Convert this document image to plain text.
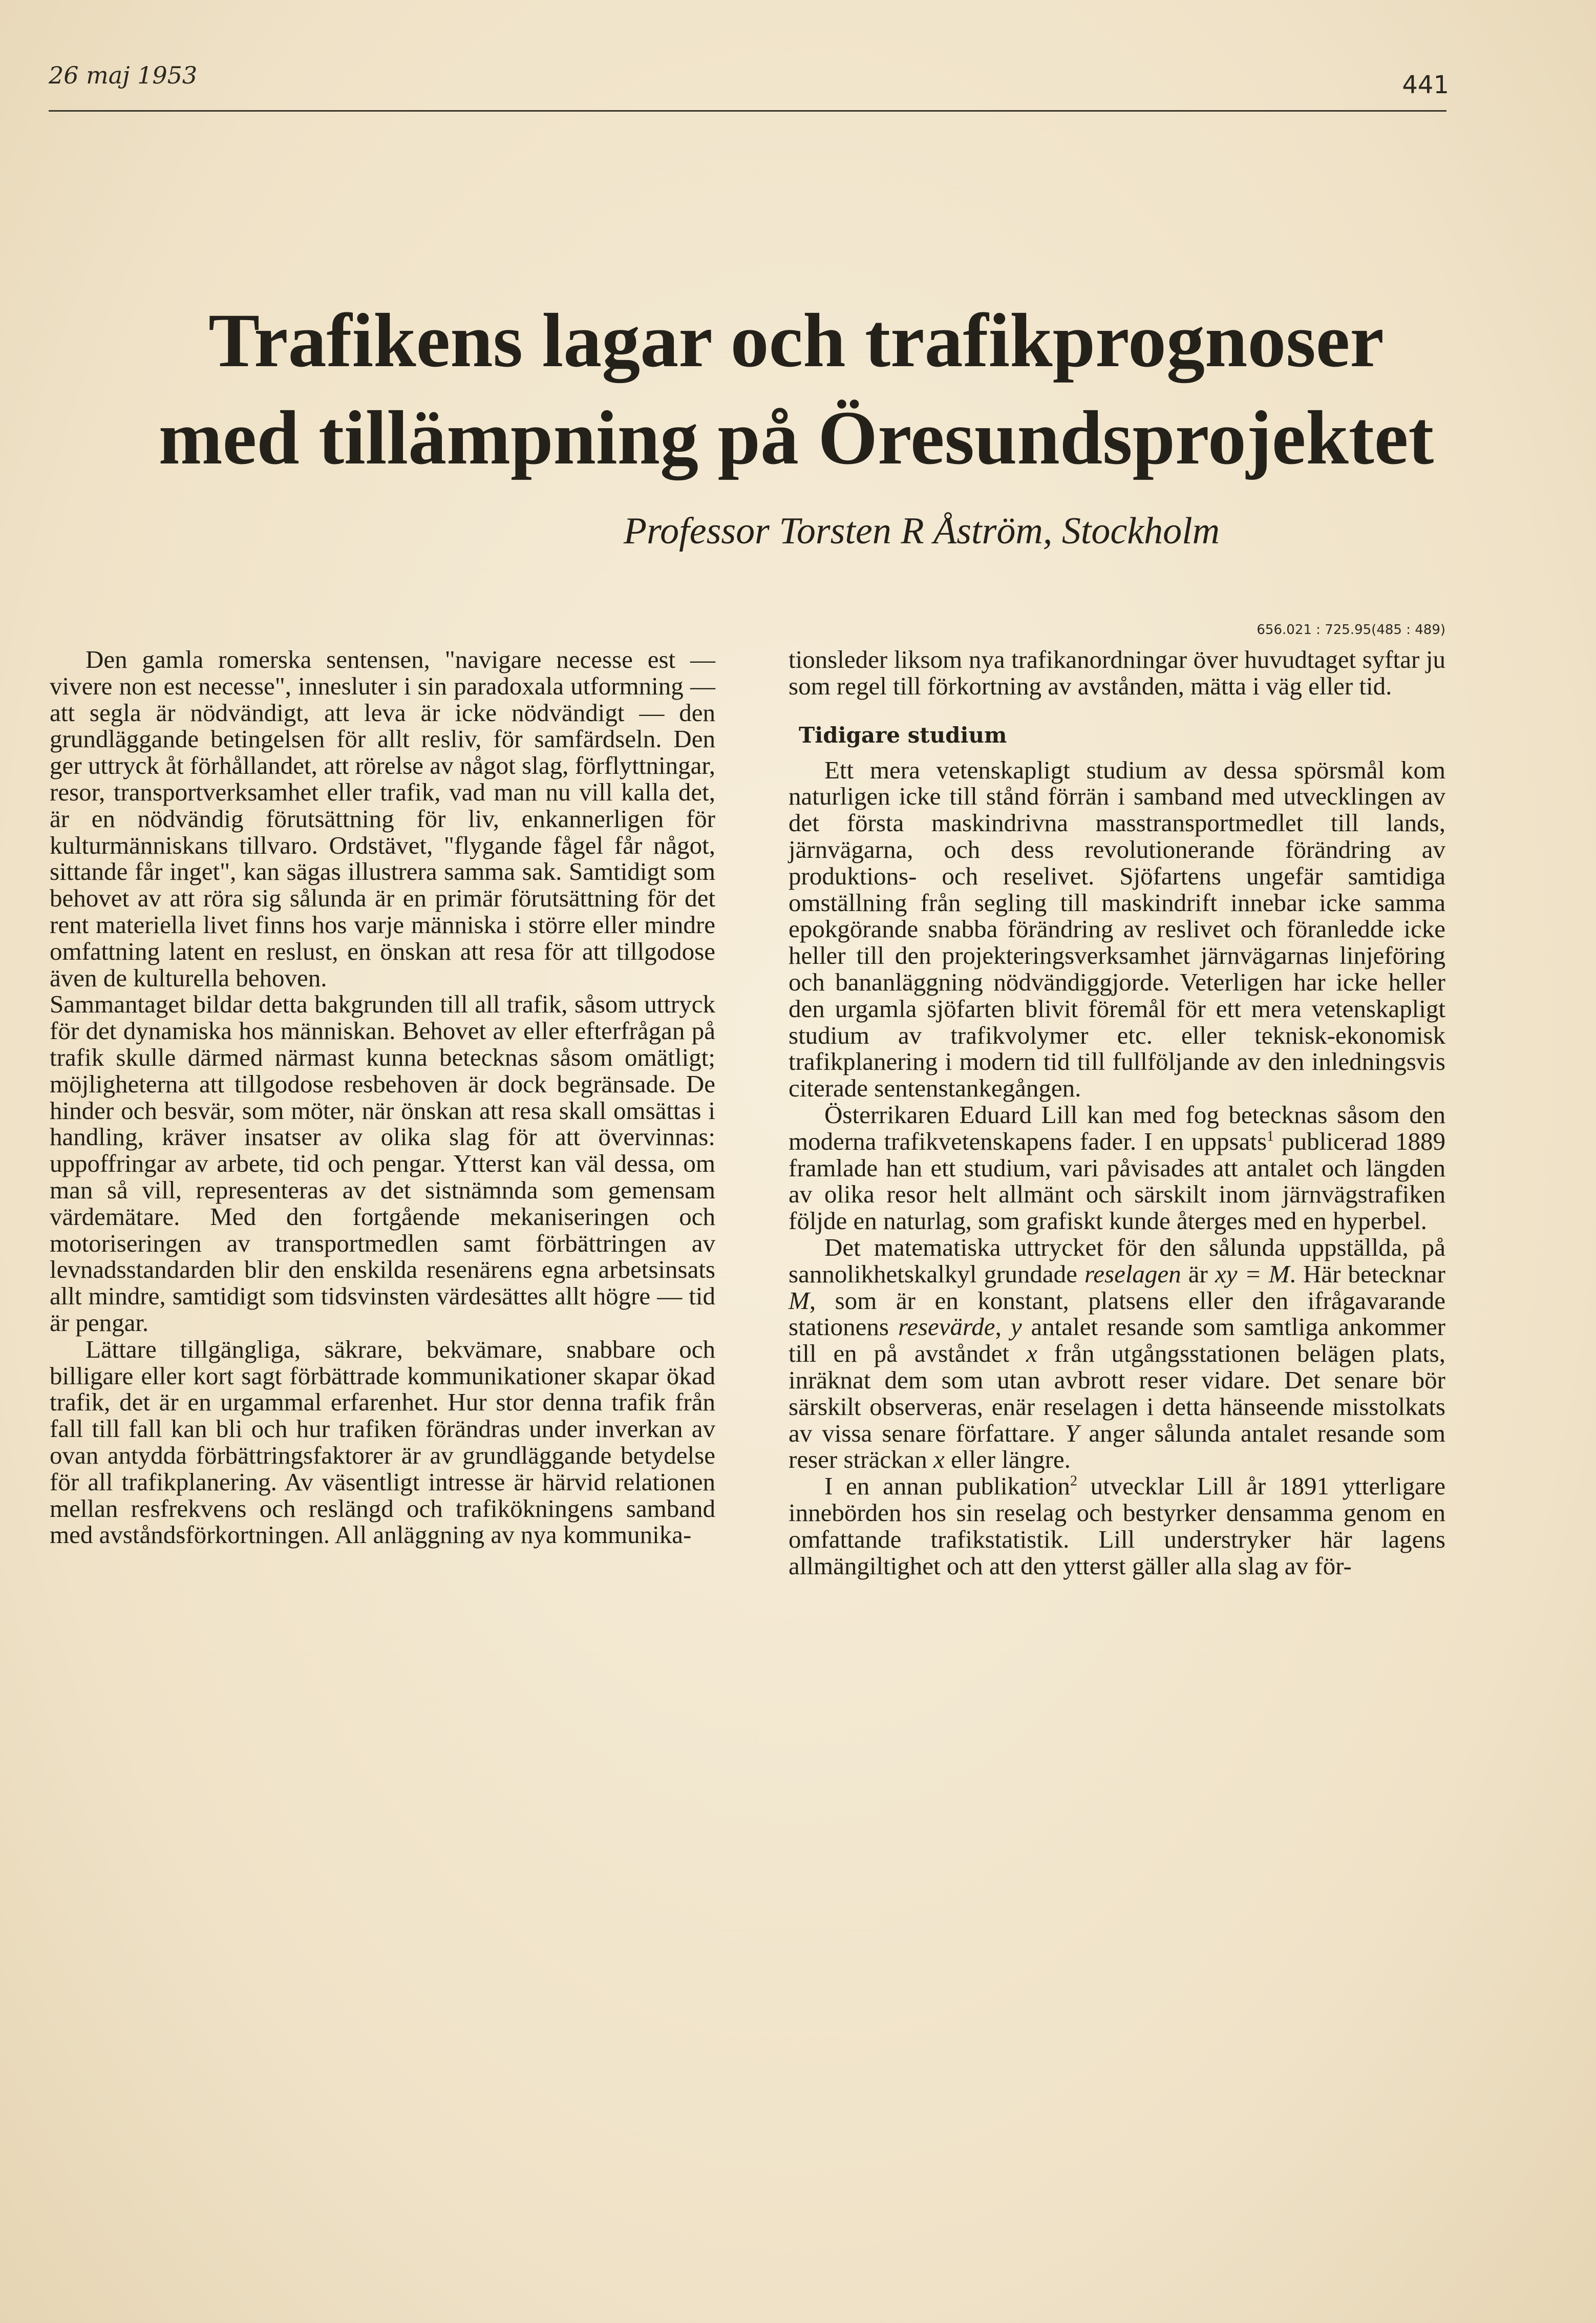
26 maj 1953	441
Trafikens lagar och trafikprognoser
med tillämpning på Öresundsprojektet
Professor Torsten R Åström, Stockholm
656.021 : 725.95(485 : 489)

Den gamla romerska sentensen, "navigare necesse est — vivere non est necesse", innesluter i sin paradoxala utformning — att segla är nödvändigt, att leva är icke nödvändigt — den grundläggande betingelsen för allt resliv, för samfärdseln. Den ger uttryck åt förhållandet, att rörelse av något slag, förflyttningar, resor, transportverksamhet eller trafik, vad man nu vill kalla det, är en nödvändig förutsättning för liv, enkannerligen för kulturmänniskans tillvaro. Ordstävet, "flygande fågel får något, sittande får inget", kan sägas illustrera samma sak. Samtidigt som behovet av att röra sig sålunda är en primär förutsättning för det rent materiella livet finns hos varje människa i större eller mindre omfattning latent en reslust, en önskan att resa för att tillgodose även de kulturella behoven.

Sammantaget bildar detta bakgrunden till all trafik, såsom uttryck för det dynamiska hos människan. Behovet av eller efterfrågan på trafik skulle därmed närmast kunna betecknas såsom omätligt; möjligheterna att tillgodose resbehoven är dock begränsade. De hinder och besvär, som möter, när önskan att resa skall omsättas i handling, kräver insatser av olika slag för att övervinnas: uppoffringar av arbete, tid och pengar. Ytterst kan väl dessa, om man så vill, representeras av det sistnämnda som gemensam värdemätare. Med den fortgående mekaniseringen och motoriseringen av transportmedlen samt förbättringen av levnadsstandarden blir den enskilda resenärens egna arbetsinsats allt mindre, samtidigt som tidsvinsten värdesättes allt högre — tid är pengar.

Lättare tillgängliga, säkrare, bekvämare, snabbare och billigare eller kort sagt förbättrade kommunikationer skapar ökad trafik, det är en urgammal erfarenhet. Hur stor denna trafik från fall till fall kan bli och hur trafiken förändras under inverkan av ovan antydda förbättringsfaktorer är av grundläggande betydelse för all trafikplanering. Av väsentligt intresse är härvid relationen mellan resfrekvens och reslängd och trafikökningens samband med avståndsförkortningen. All anläggning av nya kommunika-

tionsleder liksom nya trafikanordningar över huvudtaget syftar ju som regel till förkortning av avstånden, mätta i väg eller tid.

Tidigare studium

Ett mera vetenskapligt studium av dessa spörsmål kom naturligen icke till stånd förrän i samband med utvecklingen av det första maskindrivna masstransportmedlet till lands, järnvägarna, och dess revolutionerande förändring av produktions- och reselivet. Sjöfartens ungefär samtidiga omställning från segling till maskindrift innebar icke samma epokgörande snabba förändring av reslivet och föranledde icke heller till den projekteringsverksamhet järnvägarnas linjeföring och bananläggning nödvändiggjorde. Veterligen har icke heller den urgamla sjöfarten blivit föremål för ett mera vetenskapligt studium av trafikvolymer etc. eller teknisk-ekonomisk trafikplanering i modern tid till fullföljande av den inledningsvis citerade sentenstankegången.

Österrikaren Eduard Lill kan med fog betecknas såsom den moderna trafikvetenskapens fader. I en uppsats$^1$ publicerad 1889 framlade han ett studium, vari påvisades att antalet och längden av olika resor helt allmänt och särskilt inom järnvägstrafiken följde en naturlag, som grafiskt kunde återges med en hyperbel.

Det matematiska uttrycket för den sålunda uppställda, på sannolikhetskalkyl grundade reselagen är xy = M. Här betecknar M, som är en konstant, platsens eller den ifrågavarande stationens resevärde, y antalet resande som samtliga ankommer till en på avståndet x från utgångsstationen belägen plats, inräknat dem som utan avbrott reser vidare. Det senare bör särskilt observeras, enär reselagen i detta hänseende misstolkats av vissa senare författare. Y anger sålunda antalet resande som reser sträckan x eller längre.

I en annan publikation$^2$ utvecklar Lill år 1891 ytterligare innebörden hos sin reselag och bestyrker densamma genom en omfattande trafikstatistik. Lill understryker här lagens allmängiltighet och att den ytterst gäller alla slag av för-
